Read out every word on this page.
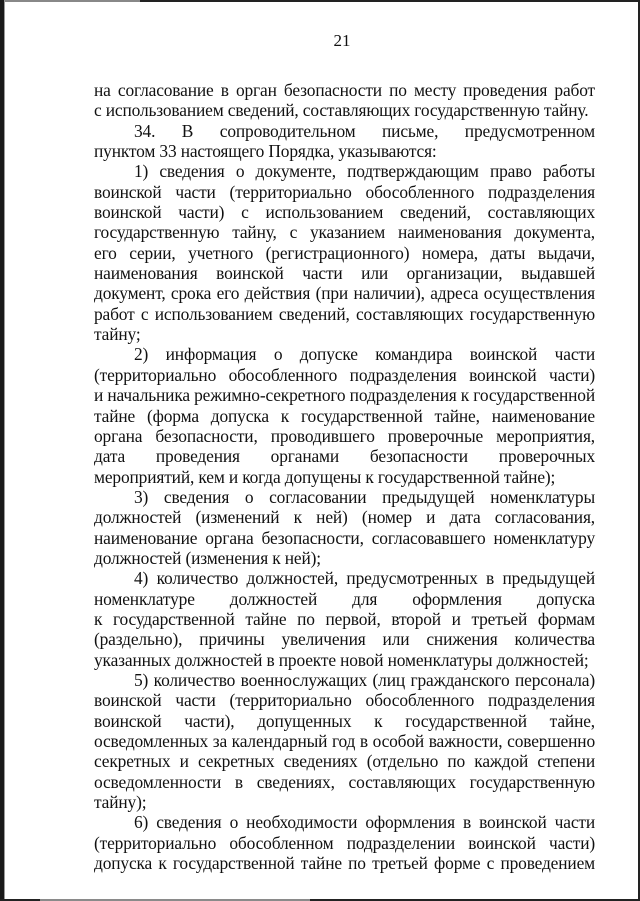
21
на согласование в орган безопасности по месту проведения работ
с использованием сведений, составляющих государственную тайну.
34. В сопроводительном письме, предусмотренном
пунктом 33 настоящего Порядка, указываются:
1) сведения о документе, подтверждающим право работы
воинской части (территориально обособленного подразделения
воинской части) с использованием сведений, составляющих
государственную тайну, с указанием наименования документа,
его серии, учетного (регистрационного) номера, даты выдачи,
наименования воинской части или организации, выдавшей
документ, срока его действия (при наличии), адреса осуществления
работ с использованием сведений, составляющих государственную
тайну;
2) информация о допуске командира воинской части
(территориально обособленного подразделения воинской части)
и начальника режимно-секретного подразделения к государственной
тайне (форма допуска к государственной тайне, наименование
органа безопасности, проводившего проверочные мероприятия,
дата проведения органами безопасности проверочных
мероприятий, кем и когда допущены к государственной тайне);
3) сведения о согласовании предыдущей номенклатуры
должностей (изменений к ней) (номер и дата согласования,
наименование органа безопасности, согласовавшего номенклатуру
должностей (изменения к ней);
4) количество должностей, предусмотренных в предыдущей
номенклатуре должностей для оформления допуска
к государственной тайне по первой, второй и третьей формам
(раздельно), причины увеличения или снижения количества
указанных должностей в проекте новой номенклатуры должностей;
5) количество военнослужащих (лиц гражданского персонала)
воинской части (территориально обособленного подразделения
воинской части), допущенных к государственной тайне,
осведомленных за календарный год в особой важности, совершенно
секретных и секретных сведениях (отдельно по каждой степени
осведомленности в сведениях, составляющих государственную
тайну);
6) сведения о необходимости оформления в воинской части
(территориально обособленном подразделении воинской части)
допуска к государственной тайне по третьей форме с проведением
